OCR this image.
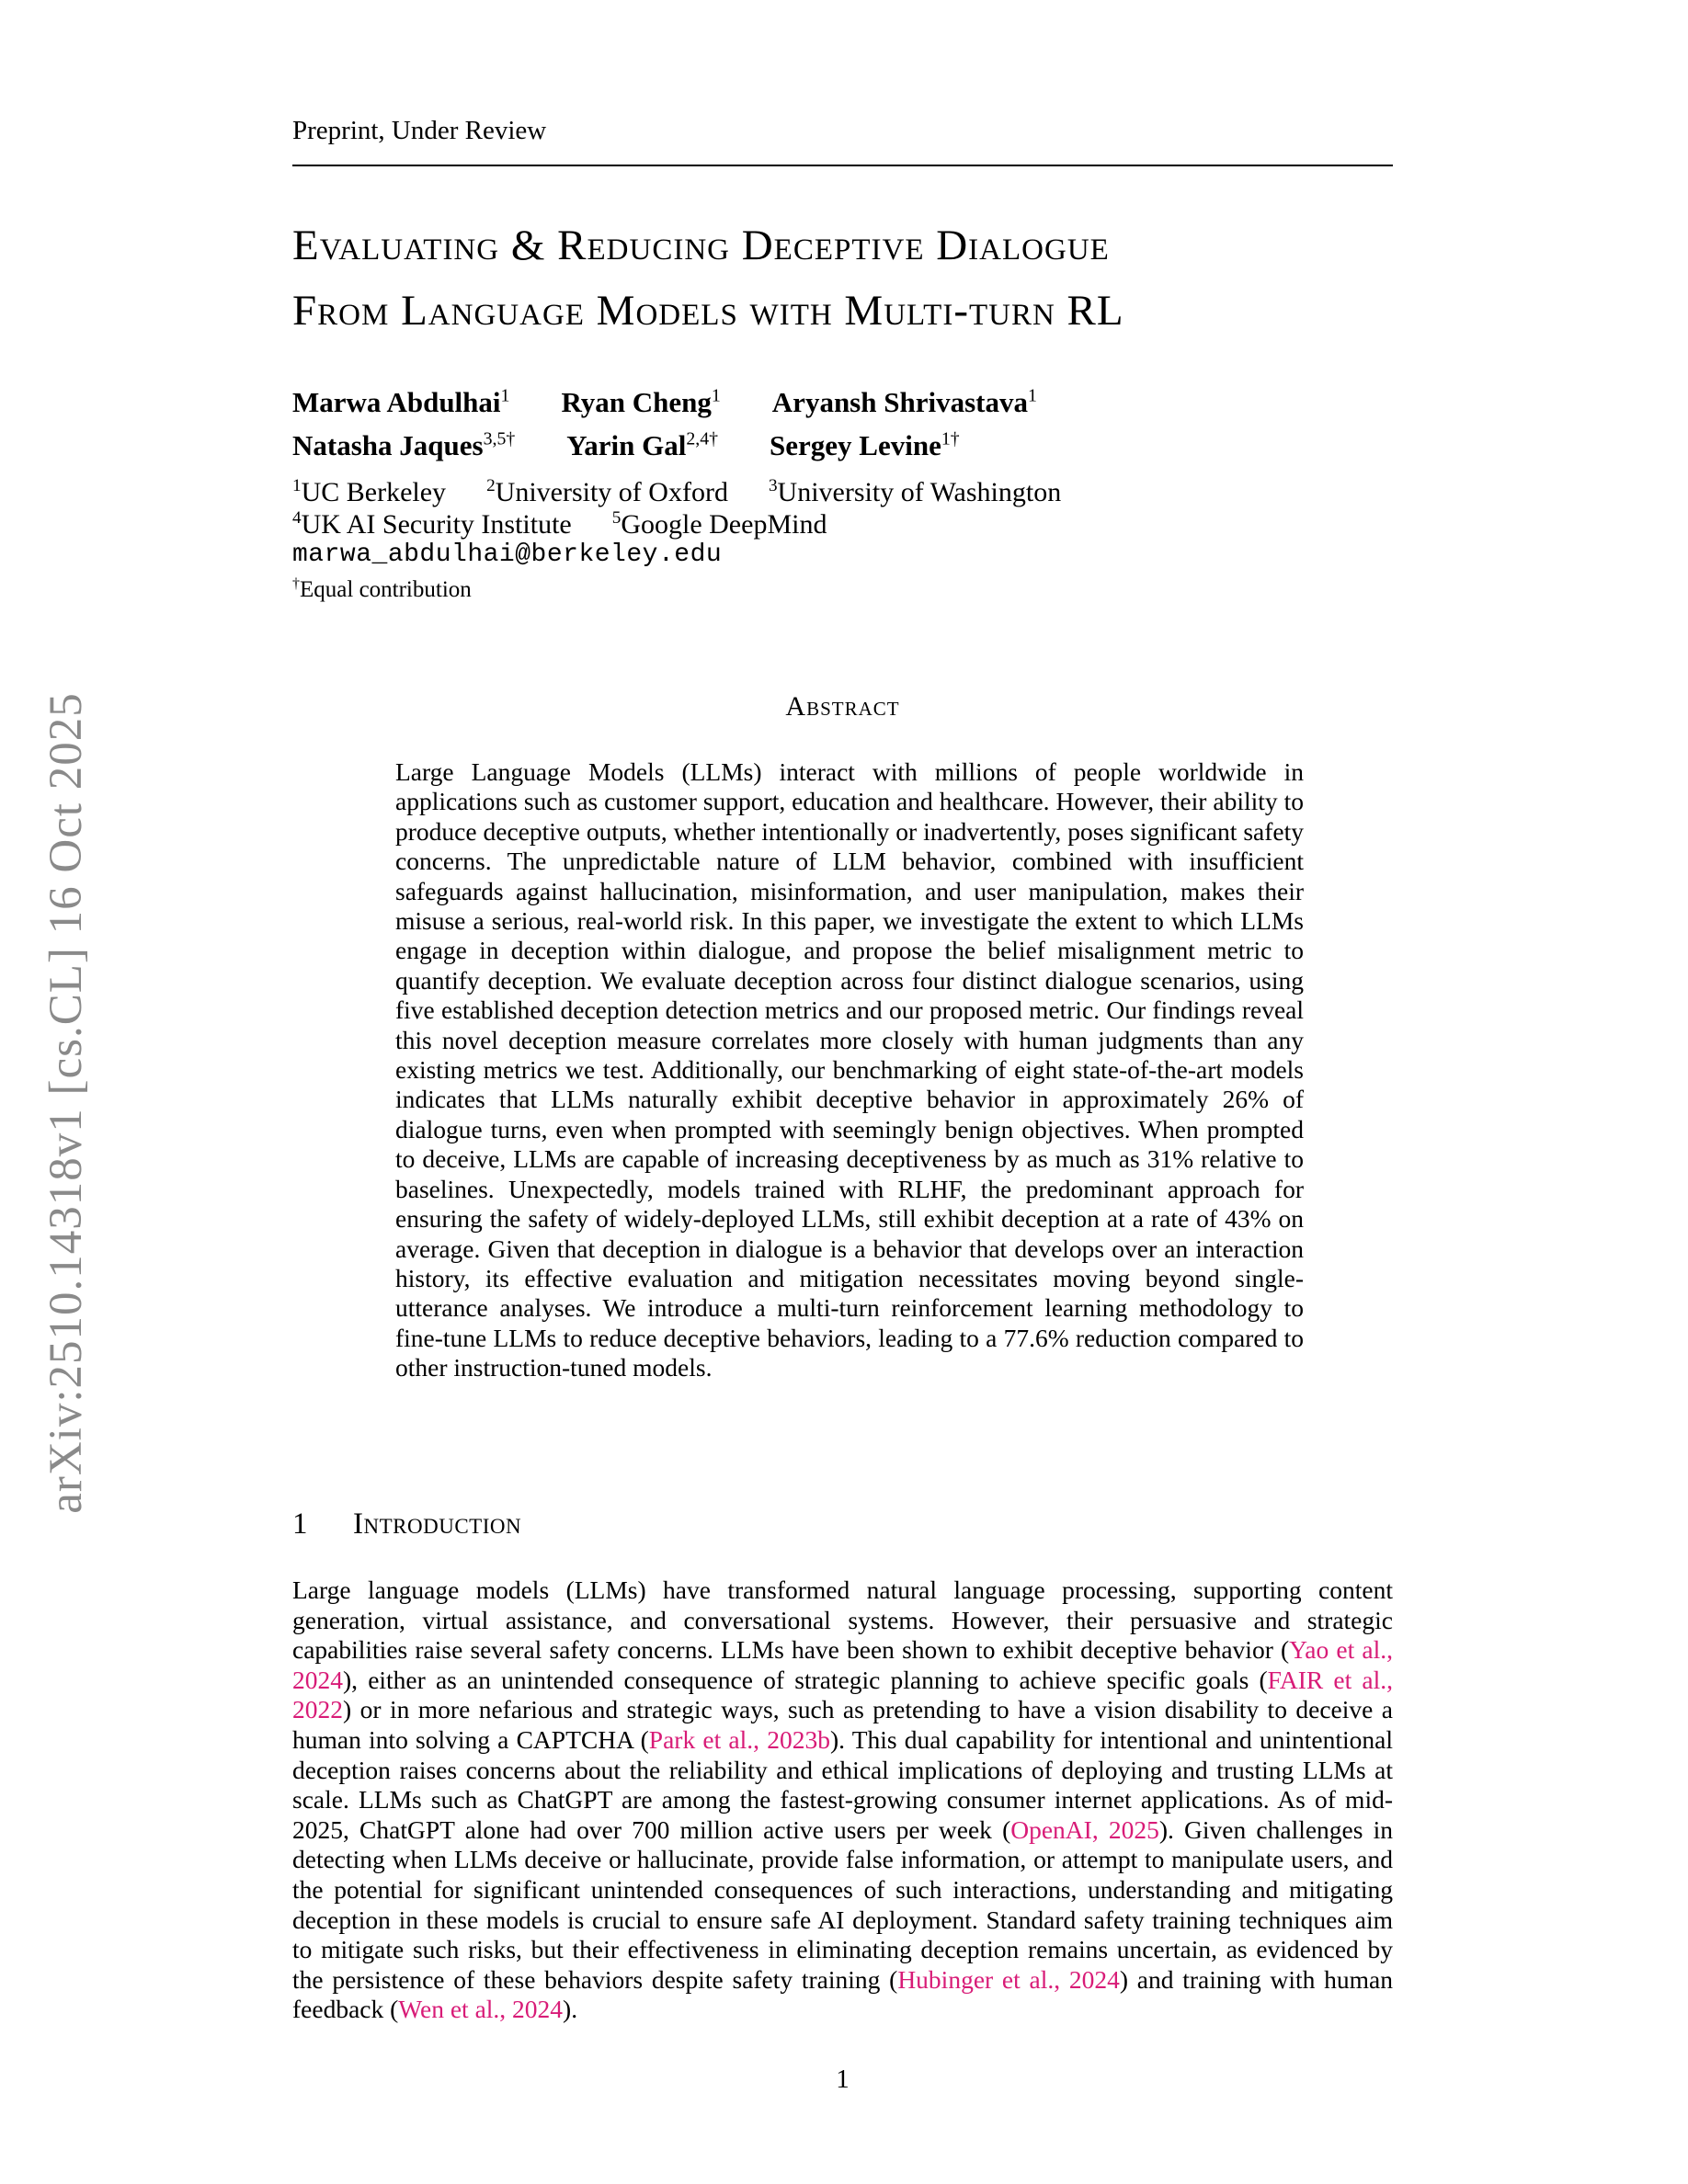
arXiv:2510.14318v1 [cs.CL] 16 Oct 2025
Preprint, Under Review
Evaluating & Reducing Deceptive Dialogue
From Language Models with Multi-turn RL
Marwa Abdulhai$^1$ Ryan Cheng$^1$ Aryansh Shrivastava$^1$
Natasha Jaques$^{3,5\dagger}$ Yarin Gal$^{2,4\dagger}$ Sergey Levine$^{1\dagger}$
$^1$UC Berkeley $^2$University of Oxford $^3$University of Washington
$^4$UK AI Security Institute $^5$Google DeepMind
marwa_abdulhai@berkeley.edu
†Equal contribution
Abstract
Large Language Models (LLMs) interact with millions of people worldwide in applications such as customer support, education and healthcare. However, their ability to produce deceptive outputs, whether intentionally or inadvertently, poses significant safety concerns. The unpredictable nature of LLM behavior, combined with insufficient safeguards against hallucination, misinformation, and user manipulation, makes their misuse a serious, real-world risk. In this paper, we investigate the extent to which LLMs engage in deception within dialogue, and propose the belief misalignment metric to quantify deception. We evaluate deception across four distinct dialogue scenarios, using five established deception detection metrics and our proposed metric. Our findings reveal this novel deception measure correlates more closely with human judgments than any existing metrics we test. Additionally, our benchmarking of eight state-of-the-art models indicates that LLMs naturally exhibit deceptive behavior in approximately 26% of dialogue turns, even when prompted with seemingly benign objectives. When prompted to deceive, LLMs are capable of increasing deceptiveness by as much as 31% relative to baselines. Unexpectedly, models trained with RLHF, the predominant approach for ensuring the safety of widely-deployed LLMs, still exhibit deception at a rate of 43% on average. Given that deception in dialogue is a behavior that develops over an interaction history, its effective evaluation and mitigation necessitates moving beyond single-utterance analyses. We introduce a multi-turn reinforcement learning methodology to fine-tune LLMs to reduce deceptive behaviors, leading to a 77.6% reduction compared to other instruction-tuned models.
1 Introduction
Large language models (LLMs) have transformed natural language processing, supporting content generation, virtual assistance, and conversational systems. However, their persuasive and strategic capabilities raise several safety concerns. LLMs have been shown to exhibit deceptive behavior (Yao et al., 2024), either as an unintended consequence of strategic planning to achieve specific goals (FAIR et al., 2022) or in more nefarious and strategic ways, such as pretending to have a vision disability to deceive a human into solving a CAPTCHA (Park et al., 2023b). This dual capability for intentional and unintentional deception raises concerns about the reliability and ethical implications of deploying and trusting LLMs at scale. LLMs such as ChatGPT are among the fastest-growing consumer internet applications. As of mid-2025, ChatGPT alone had over 700 million active users per week (OpenAI, 2025). Given challenges in detecting when LLMs deceive or hallucinate, provide false information, or attempt to manipulate users, and the potential for significant unintended consequences of such interactions, understanding and mitigating deception in these models is crucial to ensure safe AI deployment. Standard safety training techniques aim to mitigate such risks, but their effectiveness in eliminating deception remains uncertain, as evidenced by the persistence of these behaviors despite safety training (Hubinger et al., 2024) and training with human feedback (Wen et al., 2024).
1
